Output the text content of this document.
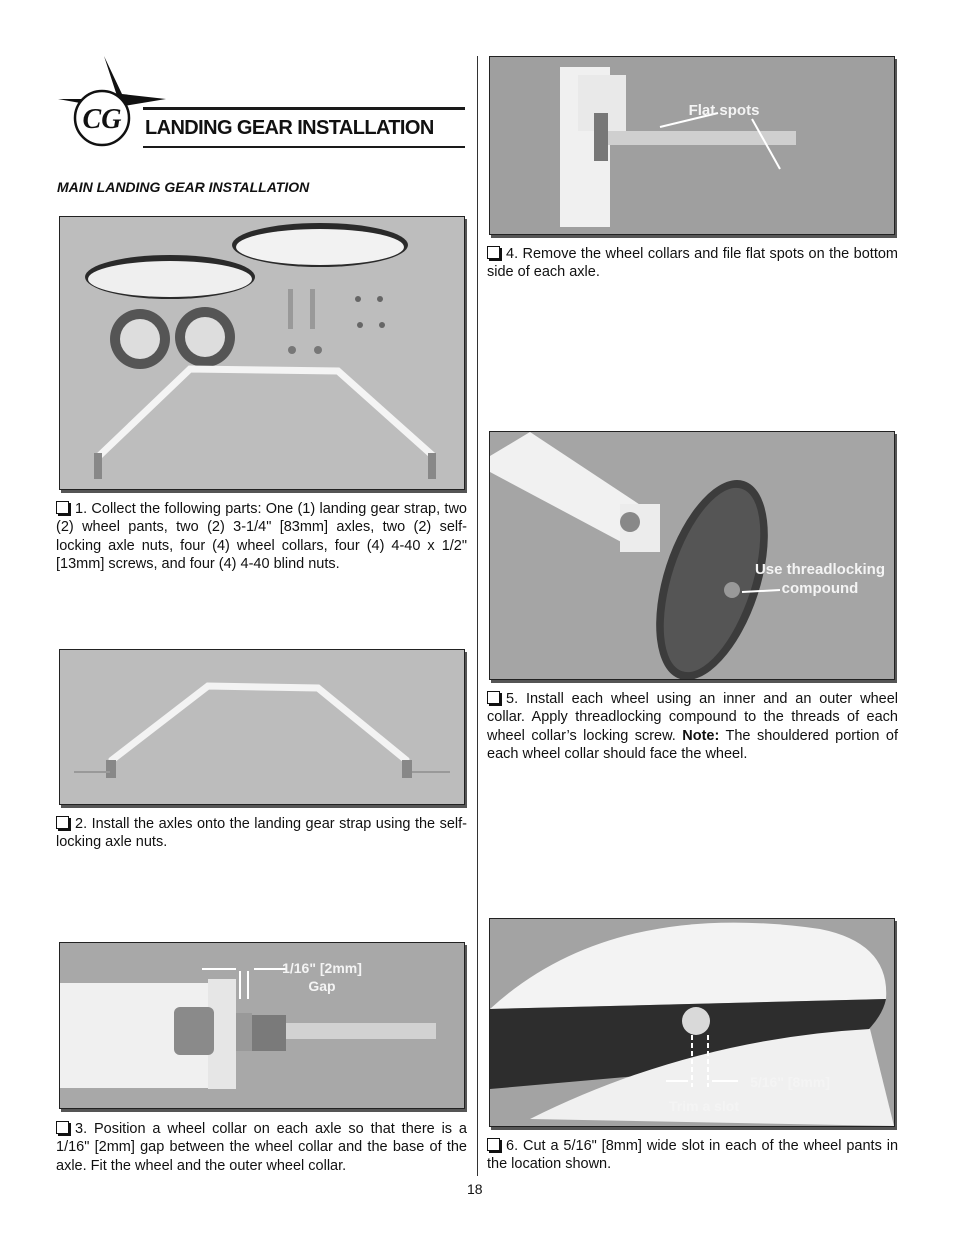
CG LANDING GEAR INSTALLATION
MAIN LANDING GEAR INSTALLATION
1. Collect the following parts: One (1) landing gear strap, two (2) wheel pants, two (2) 3-1/4" [83mm] axles, two (2) self-locking axle nuts, four (4) wheel collars, four (4) 4-40 x 1/2" [13mm] screws, and four (4) 4-40 blind nuts.
2. Install the axles onto the landing gear strap using the self-locking axle nuts.
1/16" [2mm]
Gap
3. Position a wheel collar on each axle so that there is a 1/16" [2mm] gap between the wheel collar and the base of the axle. Fit the wheel and the outer wheel collar.
Flat spots
4. Remove the wheel collars and file flat spots on the bottom side of each axle.
Use threadlocking
compound
5. Install each wheel using an inner and an outer wheel collar. Apply threadlocking compound to the threads of each wheel collar’s locking screw. Note: The shouldered portion of each wheel collar should face the wheel.
5/16" [8mm]
Trim a slot
6. Cut a 5/16" [8mm] wide slot in each of the wheel pants in the location shown.
18
